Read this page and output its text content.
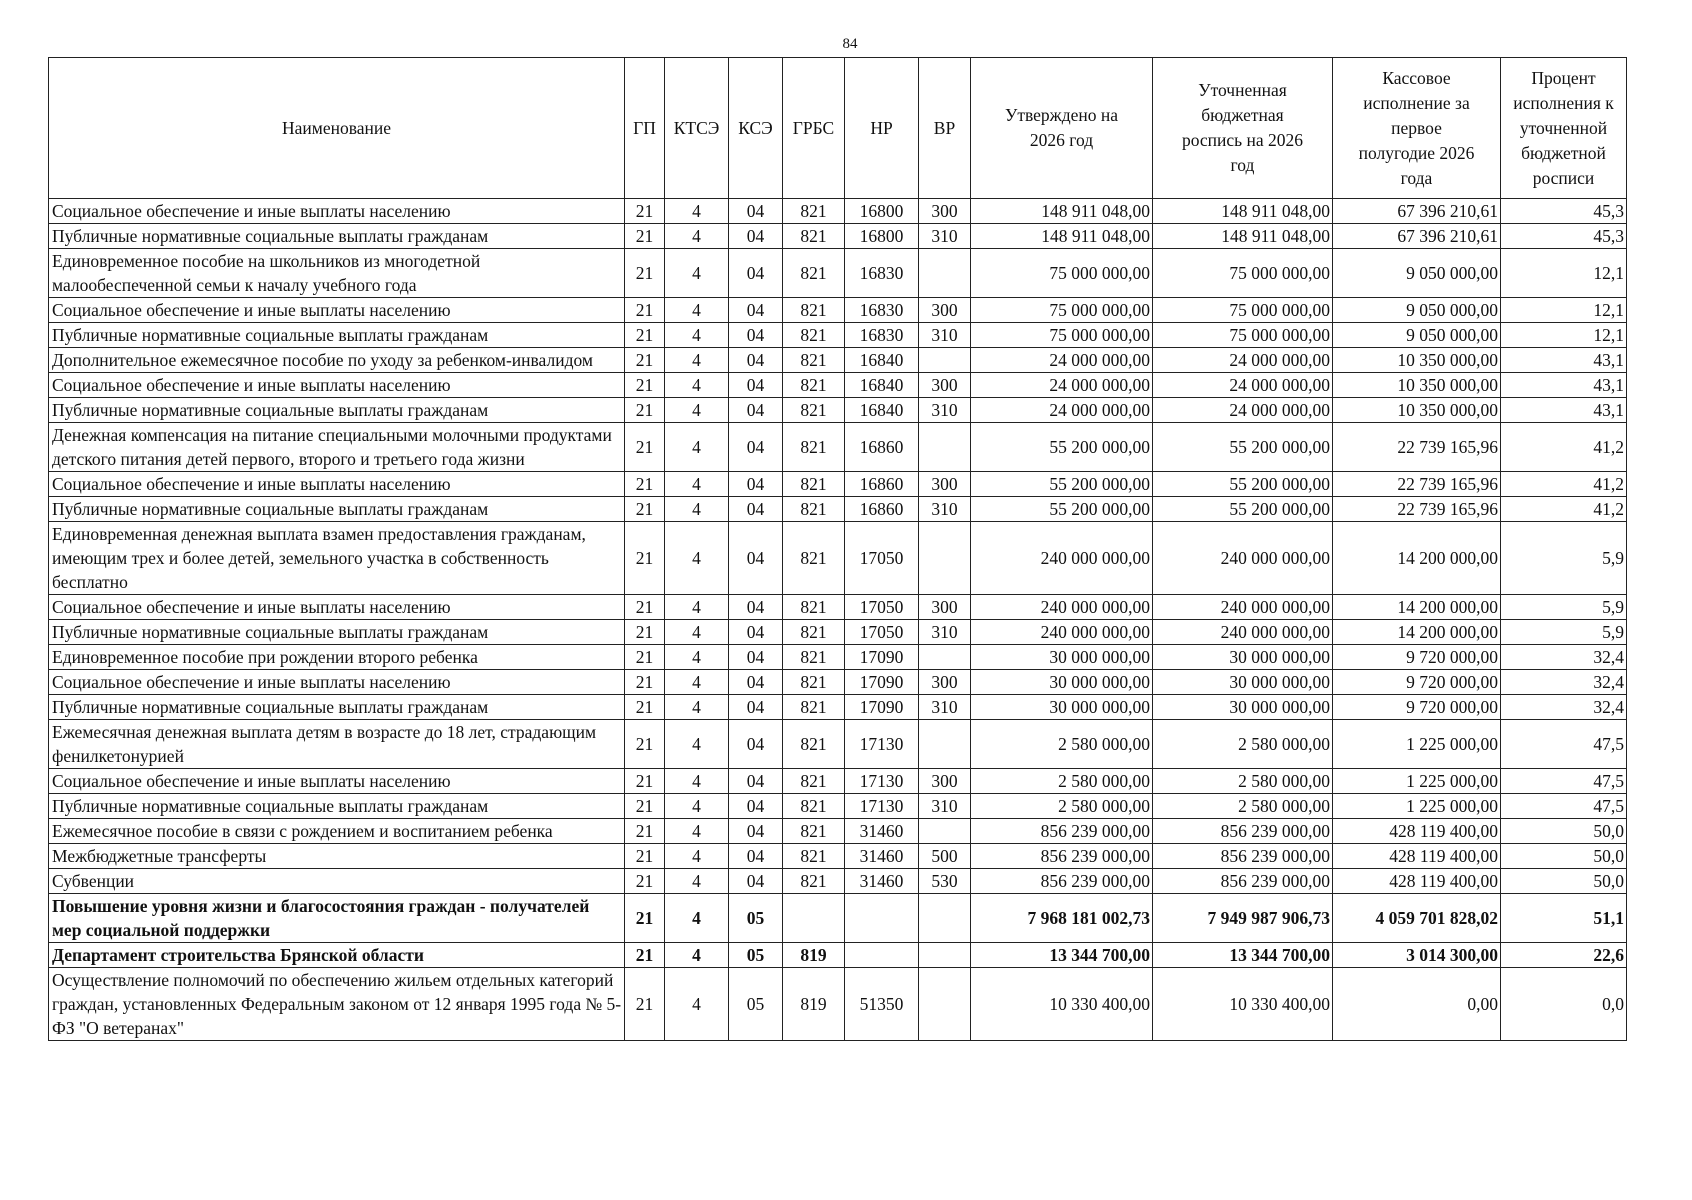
84
Наименование	ГП	КТСЭ	КСЭ	ГРБС	НР	ВР	Утверждено на 2026 год	Уточненная бюджетная роспись на 2026 год	Кассовое исполнение за первое полугодие 2026 года	Процент исполнения к уточненной бюджетной росписи
Социальное обеспечение и иные выплаты населению	21	4	04	821	16800	300	148 911 048,00	148 911 048,00	67 396 210,61	45,3
Публичные нормативные социальные выплаты гражданам	21	4	04	821	16800	310	148 911 048,00	148 911 048,00	67 396 210,61	45,3
Единовременное пособие на школьников из многодетной малообеспеченной семьи к началу учебного года	21	4	04	821	16830		75 000 000,00	75 000 000,00	9 050 000,00	12,1
Социальное обеспечение и иные выплаты населению	21	4	04	821	16830	300	75 000 000,00	75 000 000,00	9 050 000,00	12,1
Публичные нормативные социальные выплаты гражданам	21	4	04	821	16830	310	75 000 000,00	75 000 000,00	9 050 000,00	12,1
Дополнительное ежемесячное пособие по уходу за ребенком-инвалидом	21	4	04	821	16840		24 000 000,00	24 000 000,00	10 350 000,00	43,1
Социальное обеспечение и иные выплаты населению	21	4	04	821	16840	300	24 000 000,00	24 000 000,00	10 350 000,00	43,1
Публичные нормативные социальные выплаты гражданам	21	4	04	821	16840	310	24 000 000,00	24 000 000,00	10 350 000,00	43,1
Денежная компенсация на питание специальными молочными продуктами детского питания детей первого, второго и третьего года жизни	21	4	04	821	16860		55 200 000,00	55 200 000,00	22 739 165,96	41,2
Социальное обеспечение и иные выплаты населению	21	4	04	821	16860	300	55 200 000,00	55 200 000,00	22 739 165,96	41,2
Публичные нормативные социальные выплаты гражданам	21	4	04	821	16860	310	55 200 000,00	55 200 000,00	22 739 165,96	41,2
Единовременная денежная выплата взамен предоставления гражданам, имеющим трех и более детей, земельного участка в собственность бесплатно	21	4	04	821	17050		240 000 000,00	240 000 000,00	14 200 000,00	5,9
Социальное обеспечение и иные выплаты населению	21	4	04	821	17050	300	240 000 000,00	240 000 000,00	14 200 000,00	5,9
Публичные нормативные социальные выплаты гражданам	21	4	04	821	17050	310	240 000 000,00	240 000 000,00	14 200 000,00	5,9
Единовременное пособие при рождении второго ребенка	21	4	04	821	17090		30 000 000,00	30 000 000,00	9 720 000,00	32,4
Социальное обеспечение и иные выплаты населению	21	4	04	821	17090	300	30 000 000,00	30 000 000,00	9 720 000,00	32,4
Публичные нормативные социальные выплаты гражданам	21	4	04	821	17090	310	30 000 000,00	30 000 000,00	9 720 000,00	32,4
Ежемесячная денежная выплата детям в возрасте до 18 лет, страдающим фенилкетонурией	21	4	04	821	17130		2 580 000,00	2 580 000,00	1 225 000,00	47,5
Социальное обеспечение и иные выплаты населению	21	4	04	821	17130	300	2 580 000,00	2 580 000,00	1 225 000,00	47,5
Публичные нормативные социальные выплаты гражданам	21	4	04	821	17130	310	2 580 000,00	2 580 000,00	1 225 000,00	47,5
Ежемесячное пособие в связи с рождением и воспитанием ребенка	21	4	04	821	31460		856 239 000,00	856 239 000,00	428 119 400,00	50,0
Межбюджетные трансферты	21	4	04	821	31460	500	856 239 000,00	856 239 000,00	428 119 400,00	50,0
Субвенции	21	4	04	821	31460	530	856 239 000,00	856 239 000,00	428 119 400,00	50,0
Повышение уровня жизни и благосостояния граждан - получателей мер социальной поддержки	21	4	05				7 968 181 002,73	7 949 987 906,73	4 059 701 828,02	51,1
Департамент строительства Брянской области	21	4	05	819			13 344 700,00	13 344 700,00	3 014 300,00	22,6
Осуществление полномочий по обеспечению жильем отдельных категорий граждан, установленных Федеральным законом от 12 января 1995 года № 5-ФЗ "О ветеранах"	21	4	05	819	51350		10 330 400,00	10 330 400,00	0,00	0,0
